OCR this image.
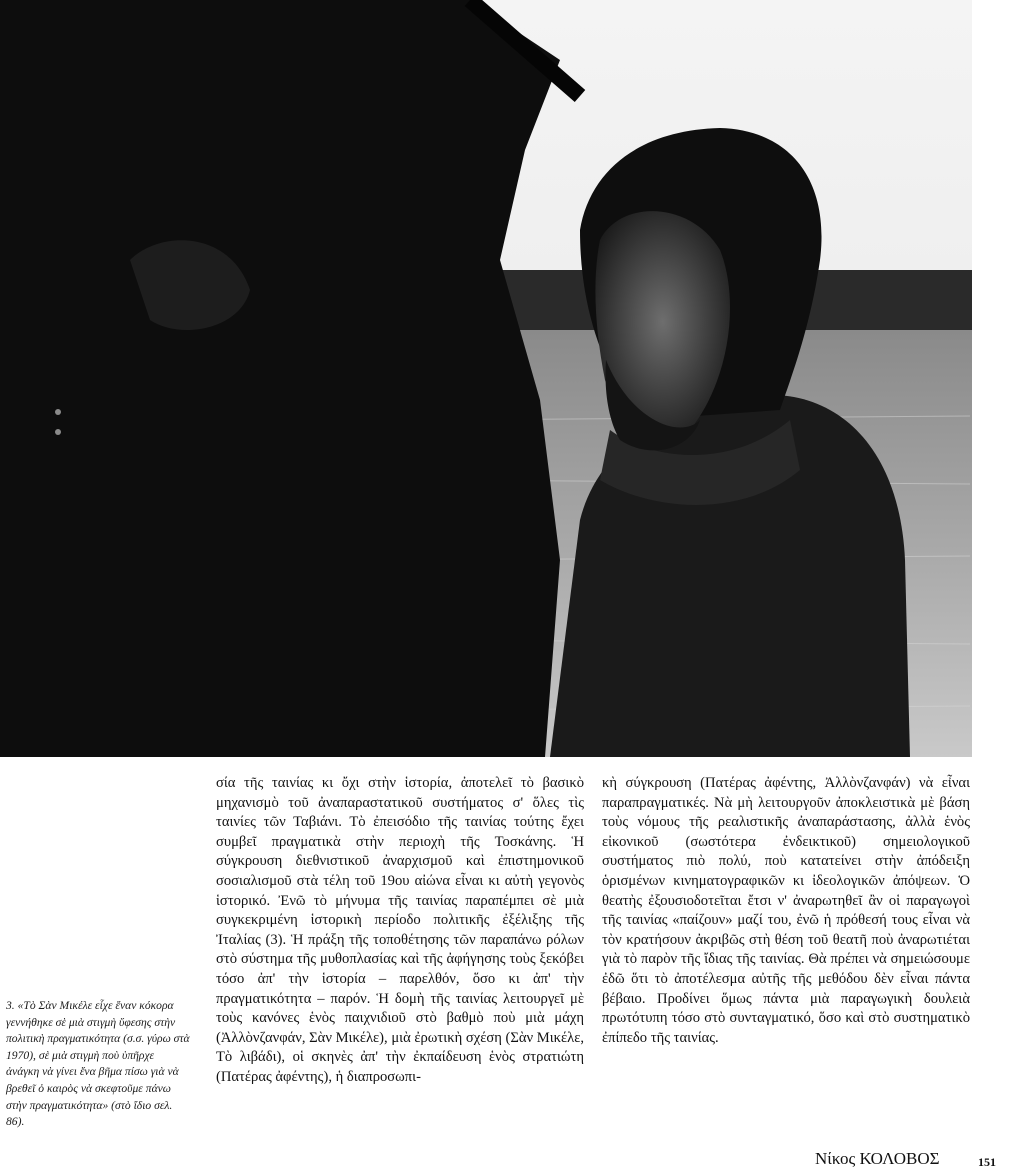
3. «Τὸ Σὰν Μικέλε εἶχε ἕναν κόκορα γεννήθηκε σὲ μιὰ στιγμὴ ὕφεσης στὴν πολιτικὴ πραγματικότητα (σ.σ. γύρω στὰ 1970), σὲ μιὰ στιγμὴ ποὺ ὑπῆρχε ἀνάγκη νὰ γίνει ἕνα βῆμα πίσω γιὰ νὰ βρεθεῖ ὁ καιρὸς νὰ σκεφτοῦμε πάνω στὴν πραγματικότητα» (στὸ ἴδιο σελ. 86).

σία τῆς ταινίας κι ὄχι στὴν ἱστορία, ἀποτελεῖ τὸ βασικὸ μηχανισμὸ τοῦ ἀναπαραστατικοῦ συστήματος σ' ὅλες τὶς ταινίες τῶν Ταβιάνι. Τὸ ἐπεισόδιο τῆς ταινίας τούτης ἔχει συμβεῖ πραγματικὰ στὴν περιοχὴ τῆς Τοσκάνης. Ἡ σύγκρουση διεθνιστικοῦ ἀναρχισμοῦ καὶ ἐπιστημονικοῦ σοσιαλισμοῦ στὰ τέλη τοῦ 19ου αἰώνα εἶναι κι αὐτὴ γεγονὸς ἱστορικό. Ἐνῶ τὸ μήνυμα τῆς ταινίας παραπέμπει σὲ μιὰ συγκεκριμένη ἱστορικὴ περίοδο πολιτικῆς ἐξέλιξης τῆς Ἰταλίας (3). Ἡ πράξη τῆς τοποθέτησης τῶν παραπάνω ρόλων στὸ σύστημα τῆς μυθοπλασίας καὶ τῆς ἀφήγησης τοὺς ξεκόβει τόσο ἀπ' τὴν ἱστορία – παρελθόν, ὅσο κι ἀπ' τὴν πραγματικότητα – παρόν. Ἡ δομὴ τῆς ταινίας λειτουργεῖ μὲ τοὺς κανόνες ἑνὸς παιχνιδιοῦ στὸ βαθμὸ ποὺ μιὰ μάχη (Ἀλλὸνζανφάν, Σὰν Μικέλε), μιὰ ἐρωτικὴ σχέση (Σὰν Μικέλε, Τὸ λιβάδι), οἱ σκηνὲς ἀπ' τὴν ἐκπαίδευση ἑνὸς στρατιώτη (Πατέρας ἀφέντης), ἡ διαπροσωπι-

κὴ σύγκρουση (Πατέρας ἀφέντης, Ἀλλὸνζανφάν) νὰ εἶναι παραπραγματικές. Νὰ μὴ λειτουργοῦν ἀποκλειστικὰ μὲ βάση τοὺς νόμους τῆς ρεαλιστικῆς ἀναπαράστασης, ἀλλὰ ἑνὸς εἰκονικοῦ (σωστότερα ἐνδεικτικοῦ) σημειολογικοῦ συστήματος πιὸ πολύ, ποὺ κατατείνει στὴν ἀπόδειξη ὁρισμένων κινηματογραφικῶν κι ἰδεολογικῶν ἀπόψεων. Ὁ θεατὴς ἐξουσιοδοτεῖται ἔτσι ν' ἀναρωτηθεῖ ἂν οἱ παραγωγοὶ τῆς ταινίας «παίζουν» μαζί του, ἐνῶ ἡ πρόθεσή τους εἶναι νὰ τὸν κρατήσουν ἀκριβῶς στὴ θέση τοῦ θεατῆ ποὺ ἀναρωτιέται γιὰ τὸ παρὸν τῆς ἴδιας τῆς ταινίας. Θὰ πρέπει νὰ σημειώσουμε ἐδῶ ὅτι τὸ ἀποτέλεσμα αὐτῆς τῆς μεθόδου δὲν εἶναι πάντα βέβαιο. Προδίνει ὅμως πάντα μιὰ παραγωγικὴ δουλειὰ πρωτότυπη τόσο στὸ συνταγματικό, ὅσο καὶ στὸ συστηματικὸ ἐπίπεδο τῆς ταινίας.

Νίκος ΚΟΛΟΒΟΣ	151
